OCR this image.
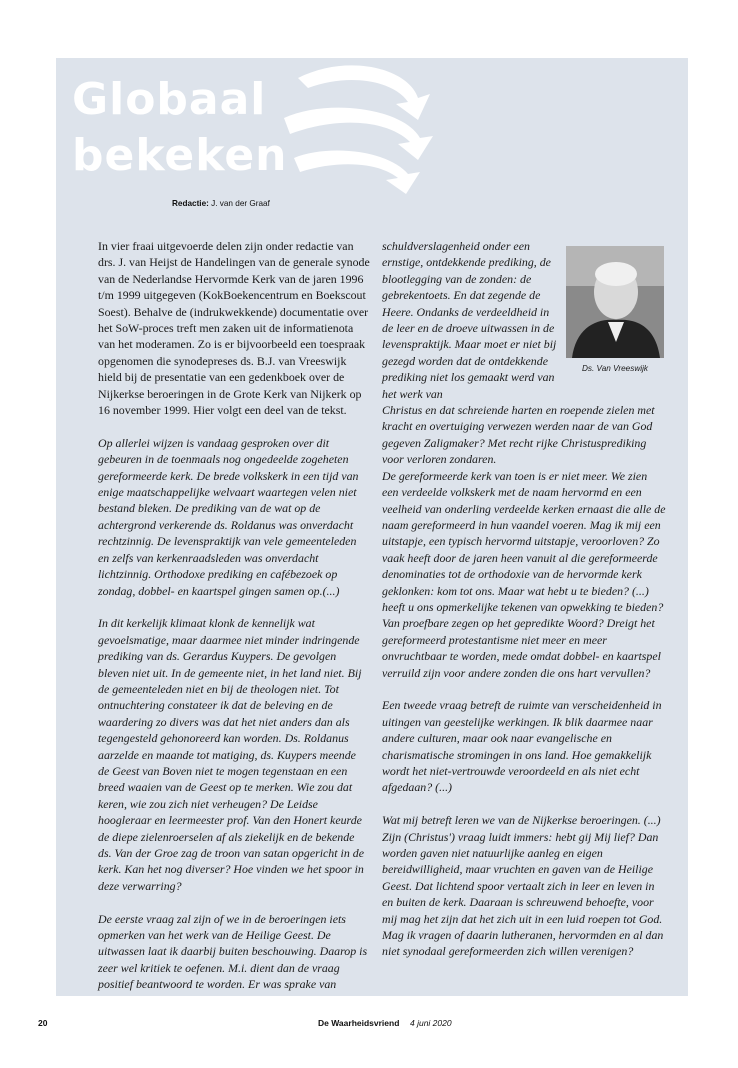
Globaal
bekeken
Redactie: J. van der Graaf

In vier fraai uitgevoerde delen zijn onder redactie van drs. J. van Heijst de Handelingen van de generale synode van de Nederlandse Hervormde Kerk van de jaren 1996 t/m 1999 uitgegeven (KokBoekencentrum en Boekscout Soest). Behalve de (indrukwekkende) documentatie over het SoW-proces treft men zaken uit de informatienota van het moderamen. Zo is er bijvoorbeeld een toespraak opgenomen die synodepreses ds. B.J. van Vreeswijk hield bij de presentatie van een gedenkboek over de Nijkerkse beroeringen in de Grote Kerk van Nijkerk op 16 november 1999. Hier volgt een deel van de tekst.

Op allerlei wijzen is vandaag gesproken over dit gebeuren in de toenmaals nog ongedeelde zogeheten gereformeerde kerk. De brede volkskerk in een tijd van enige maatschappelijke welvaart waartegen velen niet bestand bleken. De prediking van de wat op de achtergrond verkerende ds. Roldanus was onverdacht rechtzinnig. De levenspraktijk van vele gemeenteleden en zelfs van kerkenraadsleden was onverdacht lichtzinnig. Orthodoxe prediking en cafébezoek op zondag, dobbel- en kaartspel gingen samen op.(...)

In dit kerkelijk klimaat klonk de kennelijk wat gevoelsmatige, maar daarmee niet minder indringende prediking van ds. Gerardus Kuypers. De gevolgen bleven niet uit. In de gemeente niet, in het land niet. Bij de gemeenteleden niet en bij de theologen niet. Tot ontnuchtering constateer ik dat de beleving en de waardering zo divers was dat het niet anders dan als tegengesteld gehonoreerd kan worden. Ds. Roldanus aarzelde en maande tot matiging, ds. Kuypers meende de Geest van Boven niet te mogen tegenstaan en een breed waaien van de Geest op te merken. Wie zou dat keren, wie zou zich niet verheugen? De Leidse hoogleraar en leermeester prof. Van den Honert keurde de diepe zielenroerselen af als ziekelijk en de bekende ds. Van der Groe zag de troon van satan opgericht in de kerk. Kan het nog diverser? Hoe vinden we het spoor in deze verwarring?

De eerste vraag zal zijn of we in de beroeringen iets opmerken van het werk van de Heilige Geest. De uitwassen laat ik daarbij buiten beschouwing. Daarop is zeer wel kritiek te oefenen. M.i. dient dan de vraag positief beantwoord te worden. Er was sprake van

Ds. Van Vreeswijk

schuldverslagenheid onder een ernstige, ontdekkende prediking, de blootlegging van de zonden: de gebrekentoets. En dat zegende de Heere. Ondanks de verdeeldheid in de leer en de droeve uitwassen in de levenspraktijk. Maar moet er niet bij gezegd worden dat de ontdekkende prediking niet los gemaakt werd van het werk van
Christus en dat schreiende harten en roepende zielen met kracht en overtuiging verwezen werden naar de van God gegeven Zaligmaker? Met recht rijke Christusprediking voor verloren zondaren.

De gereformeerde kerk van toen is er niet meer. We zien een verdeelde volkskerk met de naam hervormd en een veelheid van onderling verdeelde kerken ernaast die alle de naam gereformeerd in hun vaandel voeren. Mag ik mij een uitstapje, een typisch hervormd uitstapje, veroorloven? Zo vaak heeft door de jaren heen vanuit al die gereformeerde denominaties tot de orthodoxie van de hervormde kerk geklonken: kom tot ons. Maar wat hebt u te bieden? (...) heeft u ons opmerkelijke tekenen van opwekking te bieden? Van proefbare zegen op het gepredikte Woord? Dreigt het gereformeerd protestantisme niet meer en meer onvruchtbaar te worden, mede omdat dobbel- en kaartspel verruild zijn voor andere zonden die ons hart vervullen?

Een tweede vraag betreft de ruimte van verscheidenheid in uitingen van geestelijke werkingen. Ik blik daarmee naar andere culturen, maar ook naar evangelische en charismatische stromingen in ons land. Hoe gemakkelijk wordt het niet-vertrouwde veroordeeld en als niet echt afgedaan? (...)

Wat mij betreft leren we van de Nijkerkse beroeringen. (...) Zijn (Christus') vraag luidt immers: hebt gij Mij lief? Dan worden gaven niet natuurlijke aanleg en eigen bereidwilligheid, maar vruchten en gaven van de Heilige Geest. Dat lichtend spoor vertaalt zich in leer en leven in en buiten de kerk. Daaraan is schreuwend behoefte, voor mij mag het zijn dat het zich uit in een luid roepen tot God. Mag ik vragen of daarin lutheranen, hervormden en al dan niet synodaal gereformeerden zich willen verenigen?

20	De Waarheidsvriend 4 juni 2020
